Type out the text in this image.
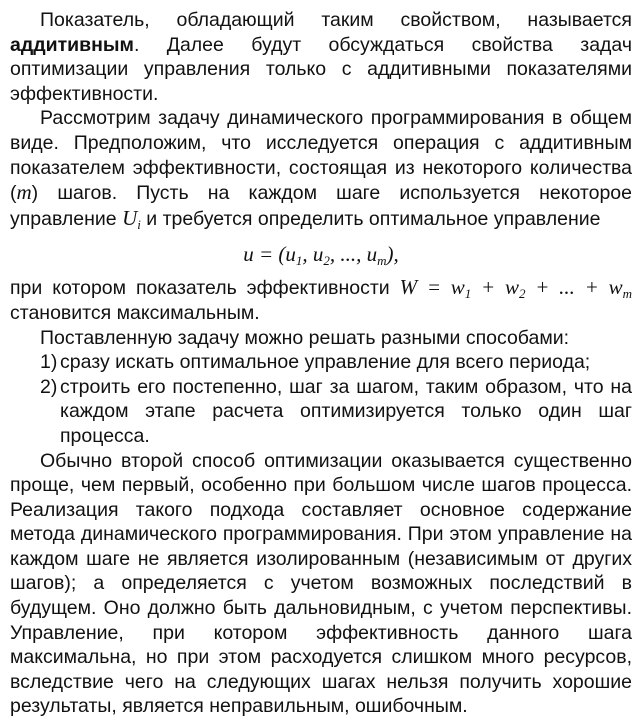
Показатель, обладающий таким свойством, называется аддитивным. Далее будут обсуждаться свойства задач оптимизации управления только с аддитивными показателями эффективности.

Рассмотрим задачу динамического программирования в общем виде. Предположим, что исследуется операция с аддитивным показателем эффективности, состоящая из некоторого количества (m) шагов. Пусть на каждом шаге используется некоторое управление $U_i$ и требуется определить оптимальное управление

$u = (u_1$, $u_2$, ..., $u_m$),

при котором показатель эффективности $W = w_1 + w_2$ + ... + $w_m$ становится максимальным.

Поставленную задачу можно решать разными способами:

1) сразу искать оптимальное управление для всего периода;
2) строить его постепенно, шаг за шагом, таким образом, что на каждом этапе расчета оптимизируется только один шаг процесса.

Обычно второй способ оптимизации оказывается существенно проще, чем первый, особенно при большом числе шагов процесса. Реализация такого подхода составляет основное содержание метода динамического программирования. При этом управление на каждом шаге не является изолированным (независимым от других шагов); а определяется с учетом возможных последствий в будущем. Оно должно быть дальновидным, с учетом перспективы. Управление, при котором эффективность данного шага максимальна, но при этом расходуется слишком много ресурсов, вследствие чего на следующих шагах нельзя получить хорошие результаты, является неправильным, ошибочным.
